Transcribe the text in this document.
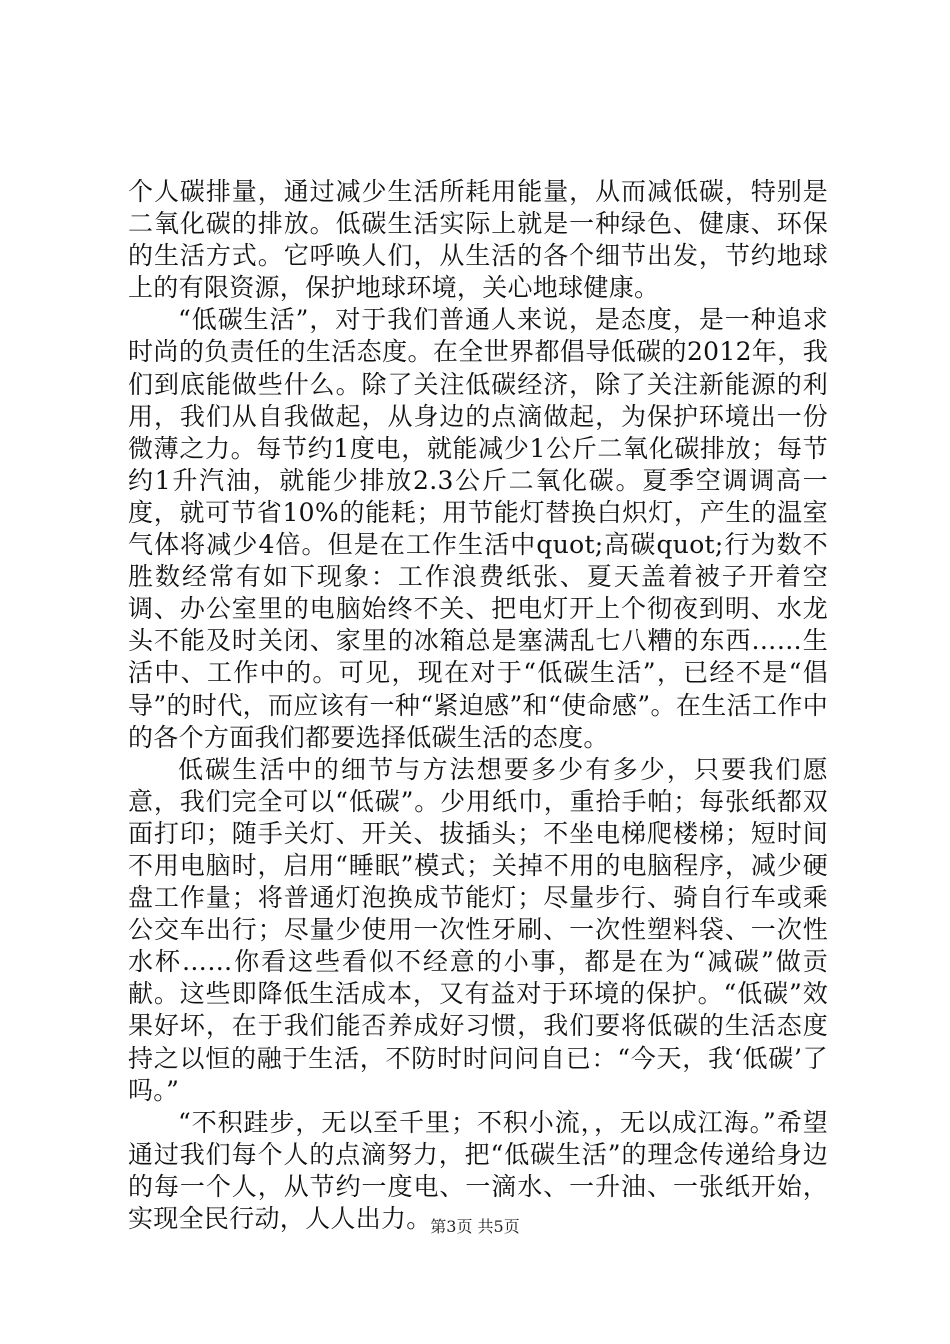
个人碳排量，通过减少生活所耗用能量，从而减低碳，特别是二氧化碳的排放。低碳生活实际上就是一种绿色、健康、环保的生活方式。它呼唤人们，从生活的各个细节出发，节约地球上的有限资源，保护地球环境，关心地球健康。

“低碳生活”，对于我们普通人来说，是态度，是一种追求时尚的负责任的生活态度。在全世界都倡导低碳的2012年，我们到底能做些什么。除了关注低碳经济，除了关注新能源的利用，我们从自我做起，从身边的点滴做起，为保护环境出一份微薄之力。每节约1度电，就能减少1公斤二氧化碳排放；每节约1升汽油，就能少排放2.3公斤二氧化碳。夏季空调调高一度，就可节省10%的能耗；用节能灯替换白炽灯，产生的温室气体将减少4倍。但是在工作生活中quot;高碳quot;行为数不胜数经常有如下现象：工作浪费纸张、夏天盖着被子开着空调、办公室里的电脑始终不关、把电灯开上个彻夜到明、水龙头不能及时关闭、家里的冰箱总是塞满乱七八糟的东西……生活中、工作中的。可见，现在对于“低碳生活”，已经不是“倡导”的时代，而应该有一种“紧迫感”和“使命感”。在生活工作中的各个方面我们都要选择低碳生活的态度。

低碳生活中的细节与方法想要多少有多少，只要我们愿意，我们完全可以“低碳”。少用纸巾，重拾手帕；每张纸都双面打印；随手关灯、开关、拔插头；不坐电梯爬楼梯；短时间不用电脑时，启用“睡眠”模式；关掉不用的电脑程序，减少硬盘工作量；将普通灯泡换成节能灯；尽量步行、骑自行车或乘公交车出行；尽量少使用一次性牙刷、一次性塑料袋、一次性水杯……你看这些看似不经意的小事，都是在为“减碳”做贡献。这些即降低生活成本，又有益对于环境的保护。“低碳”效果好坏，在于我们能否养成好习惯，我们要将低碳的生活态度持之以恒的融于生活，不防时时问问自已：“今天，我‘低碳’了吗。”

“不积跬步，无以至千里；不积小流，，无以成江海。”希望通过我们每个人的点滴努力，把“低碳生活”的理念传递给身边的每一个人，从节约一度电、一滴水、一升油、一张纸开始，实现全民行动，人人出力。

第3页 共5页
